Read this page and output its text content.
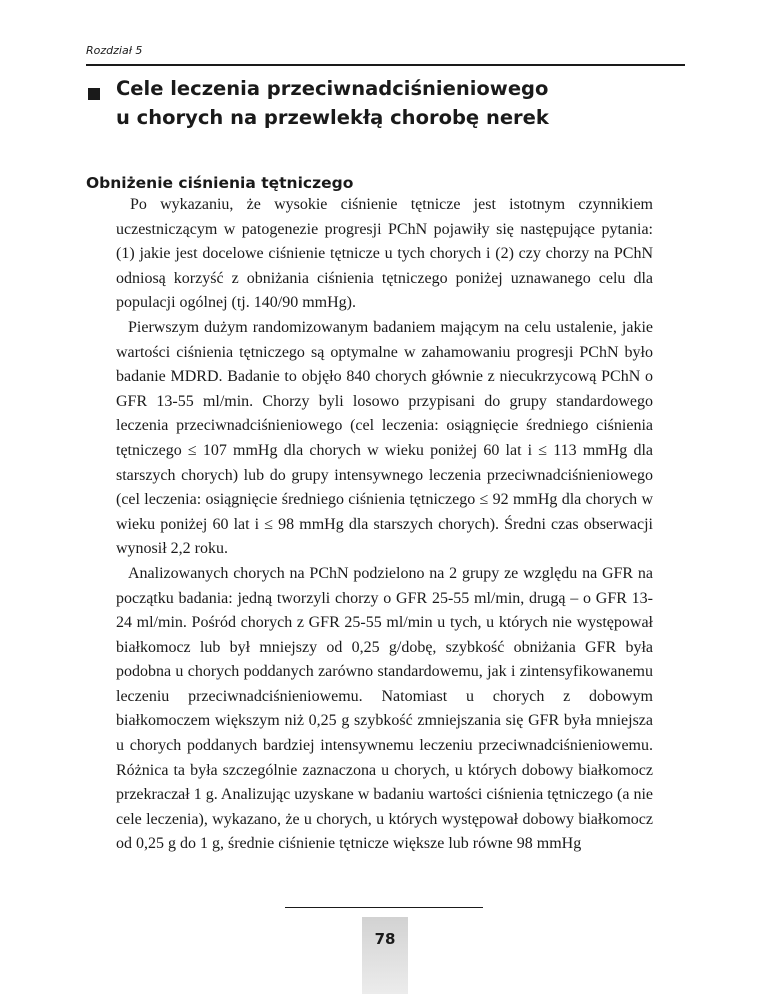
Rozdział 5
Cele leczenia przeciwnadciśnieniowego
u chorych na przewlekłą chorobę nerek
Obniżenie ciśnienia tętniczego

Po wykazaniu, że wysokie ciśnienie tętnicze jest istotnym czynnikiem uczestniczącym w patogenezie progresji PChN pojawiły się następujące pytania: (1) jakie jest docelowe ciśnienie tętnicze u tych chorych i (2) czy chorzy na PChN odniosą korzyść z obniżania ciśnienia tętniczego poniżej uznawanego celu dla populacji ogólnej (tj. 140/90 mmHg).

Pierwszym dużym randomizowanym badaniem mającym na celu ustalenie, jakie wartości ciśnienia tętniczego są optymalne w zahamowaniu progresji PChN było badanie MDRD. Badanie to objęło 840 chorych głównie z niecukrzycową PChN o GFR 13-55 ml/min. Chorzy byli losowo przypisani do grupy standardowego leczenia przeciwnadciśnieniowego (cel leczenia: osiągnięcie średniego ciśnienia tętniczego ≤ 107 mmHg dla chorych w wieku poniżej 60 lat i ≤ 113 mmHg dla starszych chorych) lub do grupy intensywnego leczenia przeciwnadciśnieniowego (cel leczenia: osiągnięcie średniego ciśnienia tętniczego ≤ 92 mmHg dla chorych w wieku poniżej 60 lat i ≤ 98 mmHg dla starszych chorych). Średni czas obserwacji wynosił 2,2 roku.

Analizowanych chorych na PChN podzielono na 2 grupy ze względu na GFR na początku badania: jedną tworzyli chorzy o GFR 25-55 ml/min, drugą – o GFR 13-24 ml/min. Pośród chorych z GFR 25-55 ml/min u tych, u których nie występował białkomocz lub był mniejszy od 0,25 g/dobę, szybkość obniżania GFR była podobna u chorych poddanych zarówno standardowemu, jak i zintensyfikowanemu leczeniu przeciwnadciśnieniowemu. Natomiast u chorych z dobowym białkomoczem większym niż 0,25 g szybkość zmniejszania się GFR była mniejsza u chorych poddanych bardziej intensywnemu leczeniu przeciwnadciśnieniowemu. Różnica ta była szczególnie zaznaczona u chorych, u których dobowy białkomocz przekraczał 1 g. Analizując uzyskane w badaniu wartości ciśnienia tętniczego (a nie cele leczenia), wykazano, że u chorych, u których występował dobowy białkomocz od 0,25 g do 1 g, średnie ciśnienie tętnicze większe lub równe 98 mmHg

78
